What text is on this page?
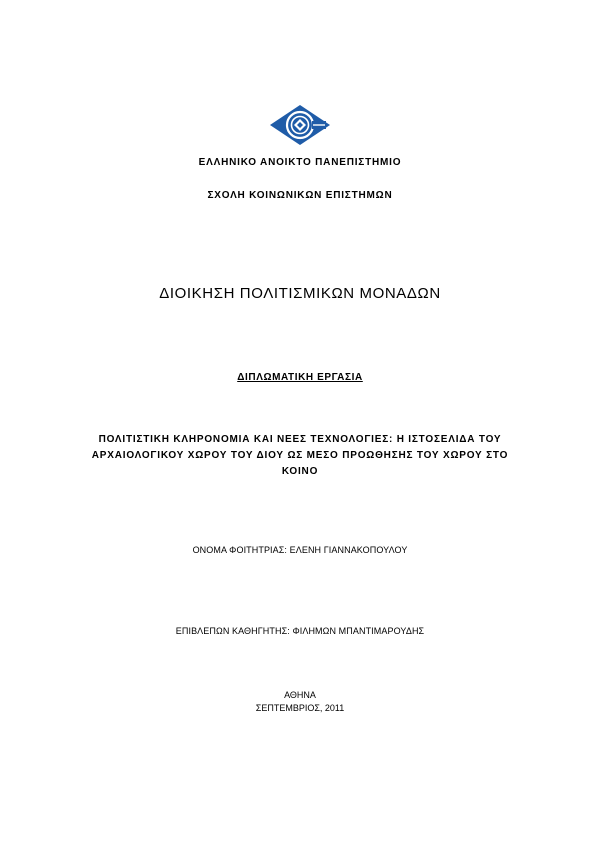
ΕΛΛΗΝΙΚΟ ΑΝΟΙΚΤΟ ΠΑΝΕΠΙΣΤΗΜΙΟ
ΣΧΟΛΗ ΚΟΙΝΩΝΙΚΩΝ ΕΠΙΣΤΗΜΩΝ
ΔΙΟΙΚΗΣΗ ΠΟΛΙΤΙΣΜΙΚΩΝ ΜΟΝΑΔΩΝ
ΔΙΠΛΩΜΑΤΙΚΗ ΕΡΓΑΣΙΑ
ΠΟΛΙΤΙΣΤΙΚΗ ΚΛΗΡΟΝΟΜΙΑ ΚΑΙ ΝΕΕΣ ΤΕΧΝΟΛΟΓΙΕΣ: Η ΙΣΤΟΣΕΛΙΔΑ ΤΟΥ
ΑΡΧΑΙΟΛΟΓΙΚΟΥ ΧΩΡΟΥ ΤΟΥ ΔΙΟΥ ΩΣ ΜΕΣΟ ΠΡΟΩΘΗΣΗΣ ΤΟΥ ΧΩΡΟΥ ΣΤΟ
ΚΟΙΝΟ
ΟΝΟΜΑ ΦΟΙΤΗΤΡΙΑΣ: ΕΛΕΝΗ ΓΙΑΝΝΑΚΟΠΟΥΛΟΥ
ΕΠΙΒΛΕΠΩΝ ΚΑΘΗΓΗΤΗΣ: ΦΙΛΗΜΩΝ ΜΠΑΝΤΙΜΑΡΟΥΔΗΣ
ΑΘΗΝΑ
ΣΕΠΤΕΜΒΡΙΟΣ, 2011
